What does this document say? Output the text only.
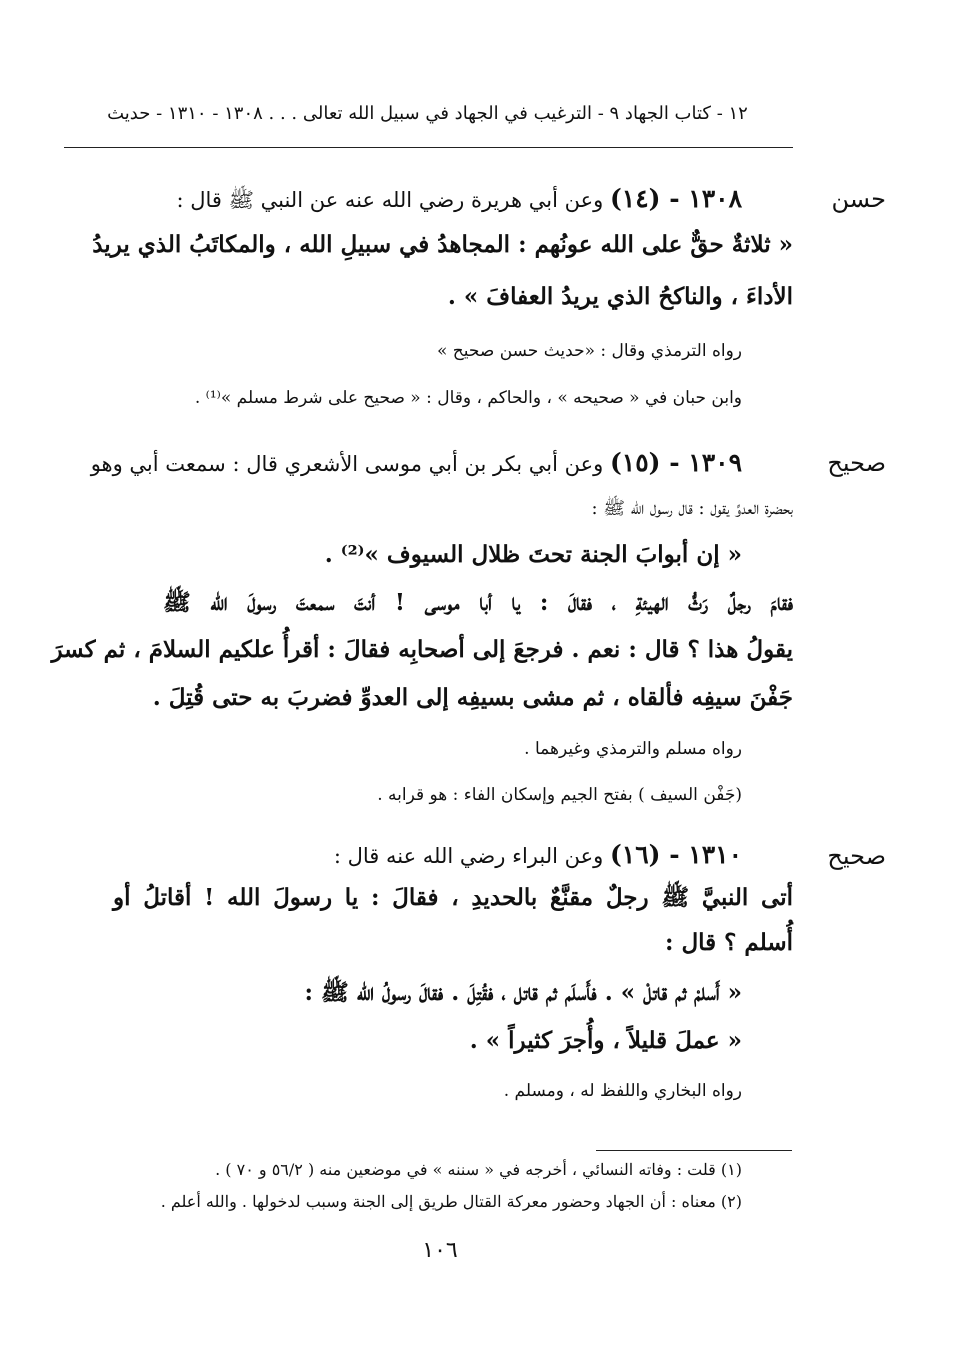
١٢ - كتاب الجهاد ٩ - الترغيب في الجهاد في سبيل الله تعالى . . . ١٣٠٨ - ١٣١٠ - حديث
حسن
١٣٠٨ - (١٤) وعن أبي هريرة رضي الله عنه عن النبي ﷺ قال :
« ثلاثةٌ حقٌّ على الله عونُهم : المجاهدُ في سبيلِ الله ، والمكاتَبُ الذي يريدُ
الأداءَ ، والناكحُ الذي يريدُ العفافَ » .
رواه الترمذي وقال : «حديث حسن صحيح »
وابن حبان في « صحيحه » ، والحاكم ، وقال : « صحيح على شرط مسلم »⁽¹⁾ .
صحيح
١٣٠٩ - (١٥) وعن أبي بكر بن أبي موسى الأشعري قال : سمعت أبي وهو
بحضرة العدوِّ يقول : قال رسول الله ﷺ :
« إن أبوابَ الجنة تحتَ ظلال السيوف »⁽²⁾ .
فقامَ رجلٌ رَثُّ الهيئةِ ، فقالَ : يا أبا موسى ! أنتَ سمعتَ رسولَ الله ﷺ
يقولُ هذا ؟ قال : نعم . فرجعَ إلى أصحابِه فقالَ : أقرأُ علكيم السلامَ ، ثم كسرَ
جَفْنَ سيفِه فألقاه ، ثم مشى بسيفِه إلى العدوِّ فضربَ به حتى قُتِلَ .
رواه مسلم والترمذي وغيرهما .
(جَفْن السيف ) بفتح الجيم وإسكان الفاء : هو قرابه .
صحيح
١٣١٠ - (١٦) وعن البراء رضي الله عنه قال :
أتى النبيَّ ﷺ رجلٌ مقنَّعٌ بالحديدِ ، فقالَ : يا رسولَ الله ! أقاتلُ أو
أُسلم ؟ قال :
« أَسلمْ ثم قاتلْ » . فأَسلَم ثم قاتل ، فقُتِلَ . فقالَ رسولُ الله ﷺ :
« عملَ قليلاً ، وأُجرَ كثيراً » .
رواه البخاري واللفظ له ، ومسلم .
(١) قلت : وفاته النسائي ، أخرجه في « سننه » في موضعين منه ( ٥٦/٢ و ٧٠ ) .
(٢) معناه : أن الجهاد وحضور معركة القتال طريق إلى الجنة وسبب لدخولها . والله أعلم .
١٠٦
